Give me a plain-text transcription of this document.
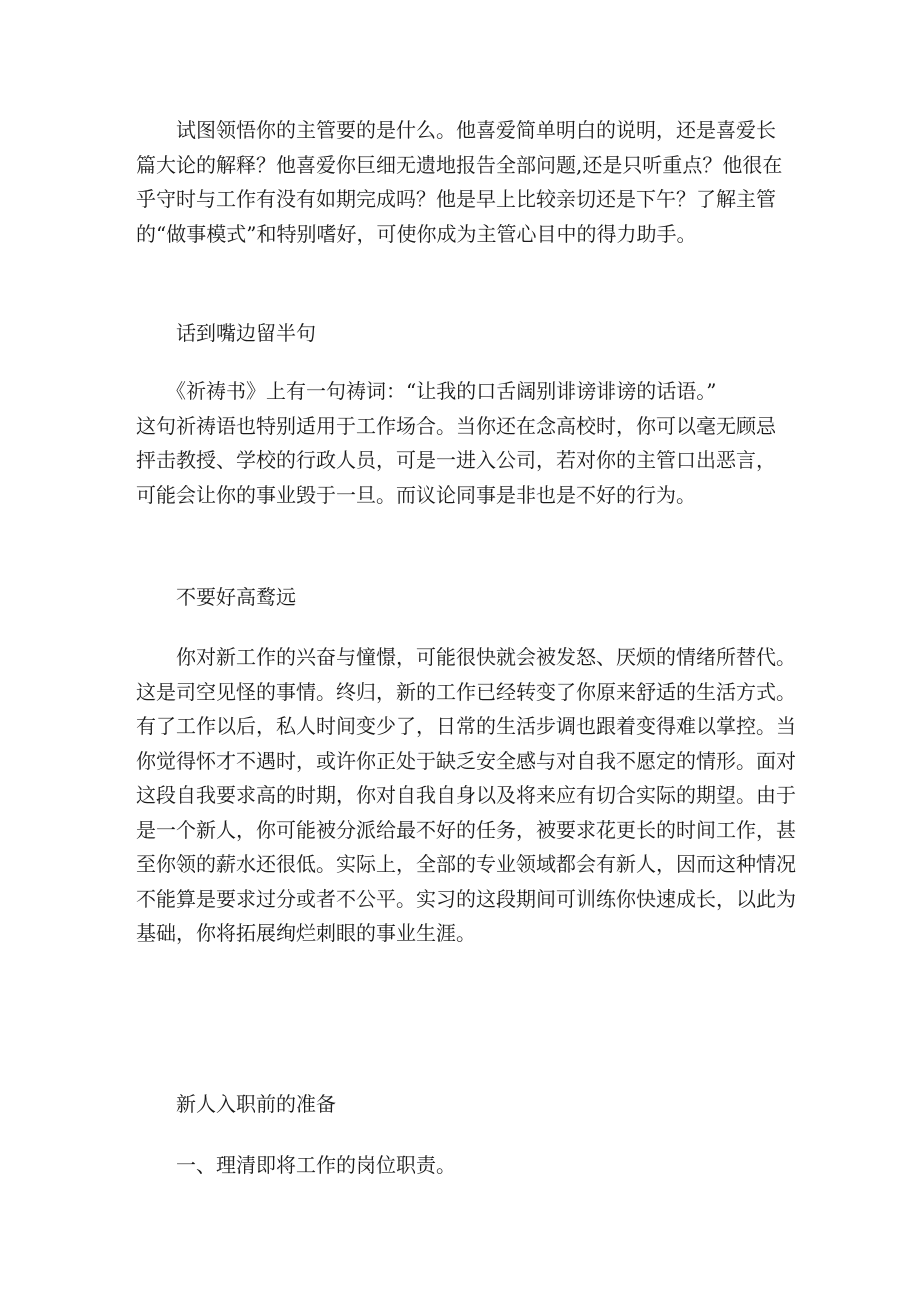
　　试图领悟你的主管要的是什么。他喜爱简单明白的说明，还是喜爱长
篇大论的解释？他喜爱你巨细无遗地报告全部问题,还是只听重点？他很在
乎守时与工作有没有如期完成吗？他是早上比较亲切还是下午？了解主管
的“做事模式”和特别嗜好，可使你成为主管心目中的得力助手。
话到嘴边留半句
　　《祈祷书》上有一句祷词：“让我的口舌阔别诽谤诽谤的话语。”
这句祈祷语也特别适用于工作场合。当你还在念高校时，你可以毫无顾忌
抨击教授、学校的行政人员，可是一进入公司，若对你的主管口出恶言，
可能会让你的事业毁于一旦。而议论同事是非也是不好的行为。
不要好高鹜远
　　你对新工作的兴奋与憧憬，可能很快就会被发怒、厌烦的情绪所替代。
这是司空见怪的事情。终归，新的工作已经转变了你原来舒适的生活方式。
有了工作以后，私人时间变少了，日常的生活步调也跟着变得难以掌控。当
你觉得怀才不遇时，或许你正处于缺乏安全感与对自我不愿定的情形。面对
这段自我要求高的时期，你对自我自身以及将来应有切合实际的期望。由于
是一个新人，你可能被分派给最不好的任务，被要求花更长的时间工作，甚
至你领的薪水还很低。实际上，全部的专业领域都会有新人，因而这种情况
不能算是要求过分或者不公平。实习的这段期间可训练你快速成长，以此为
基础，你将拓展绚烂刺眼的事业生涯。
新人入职前的准备
一、理清即将工作的岗位职责。
